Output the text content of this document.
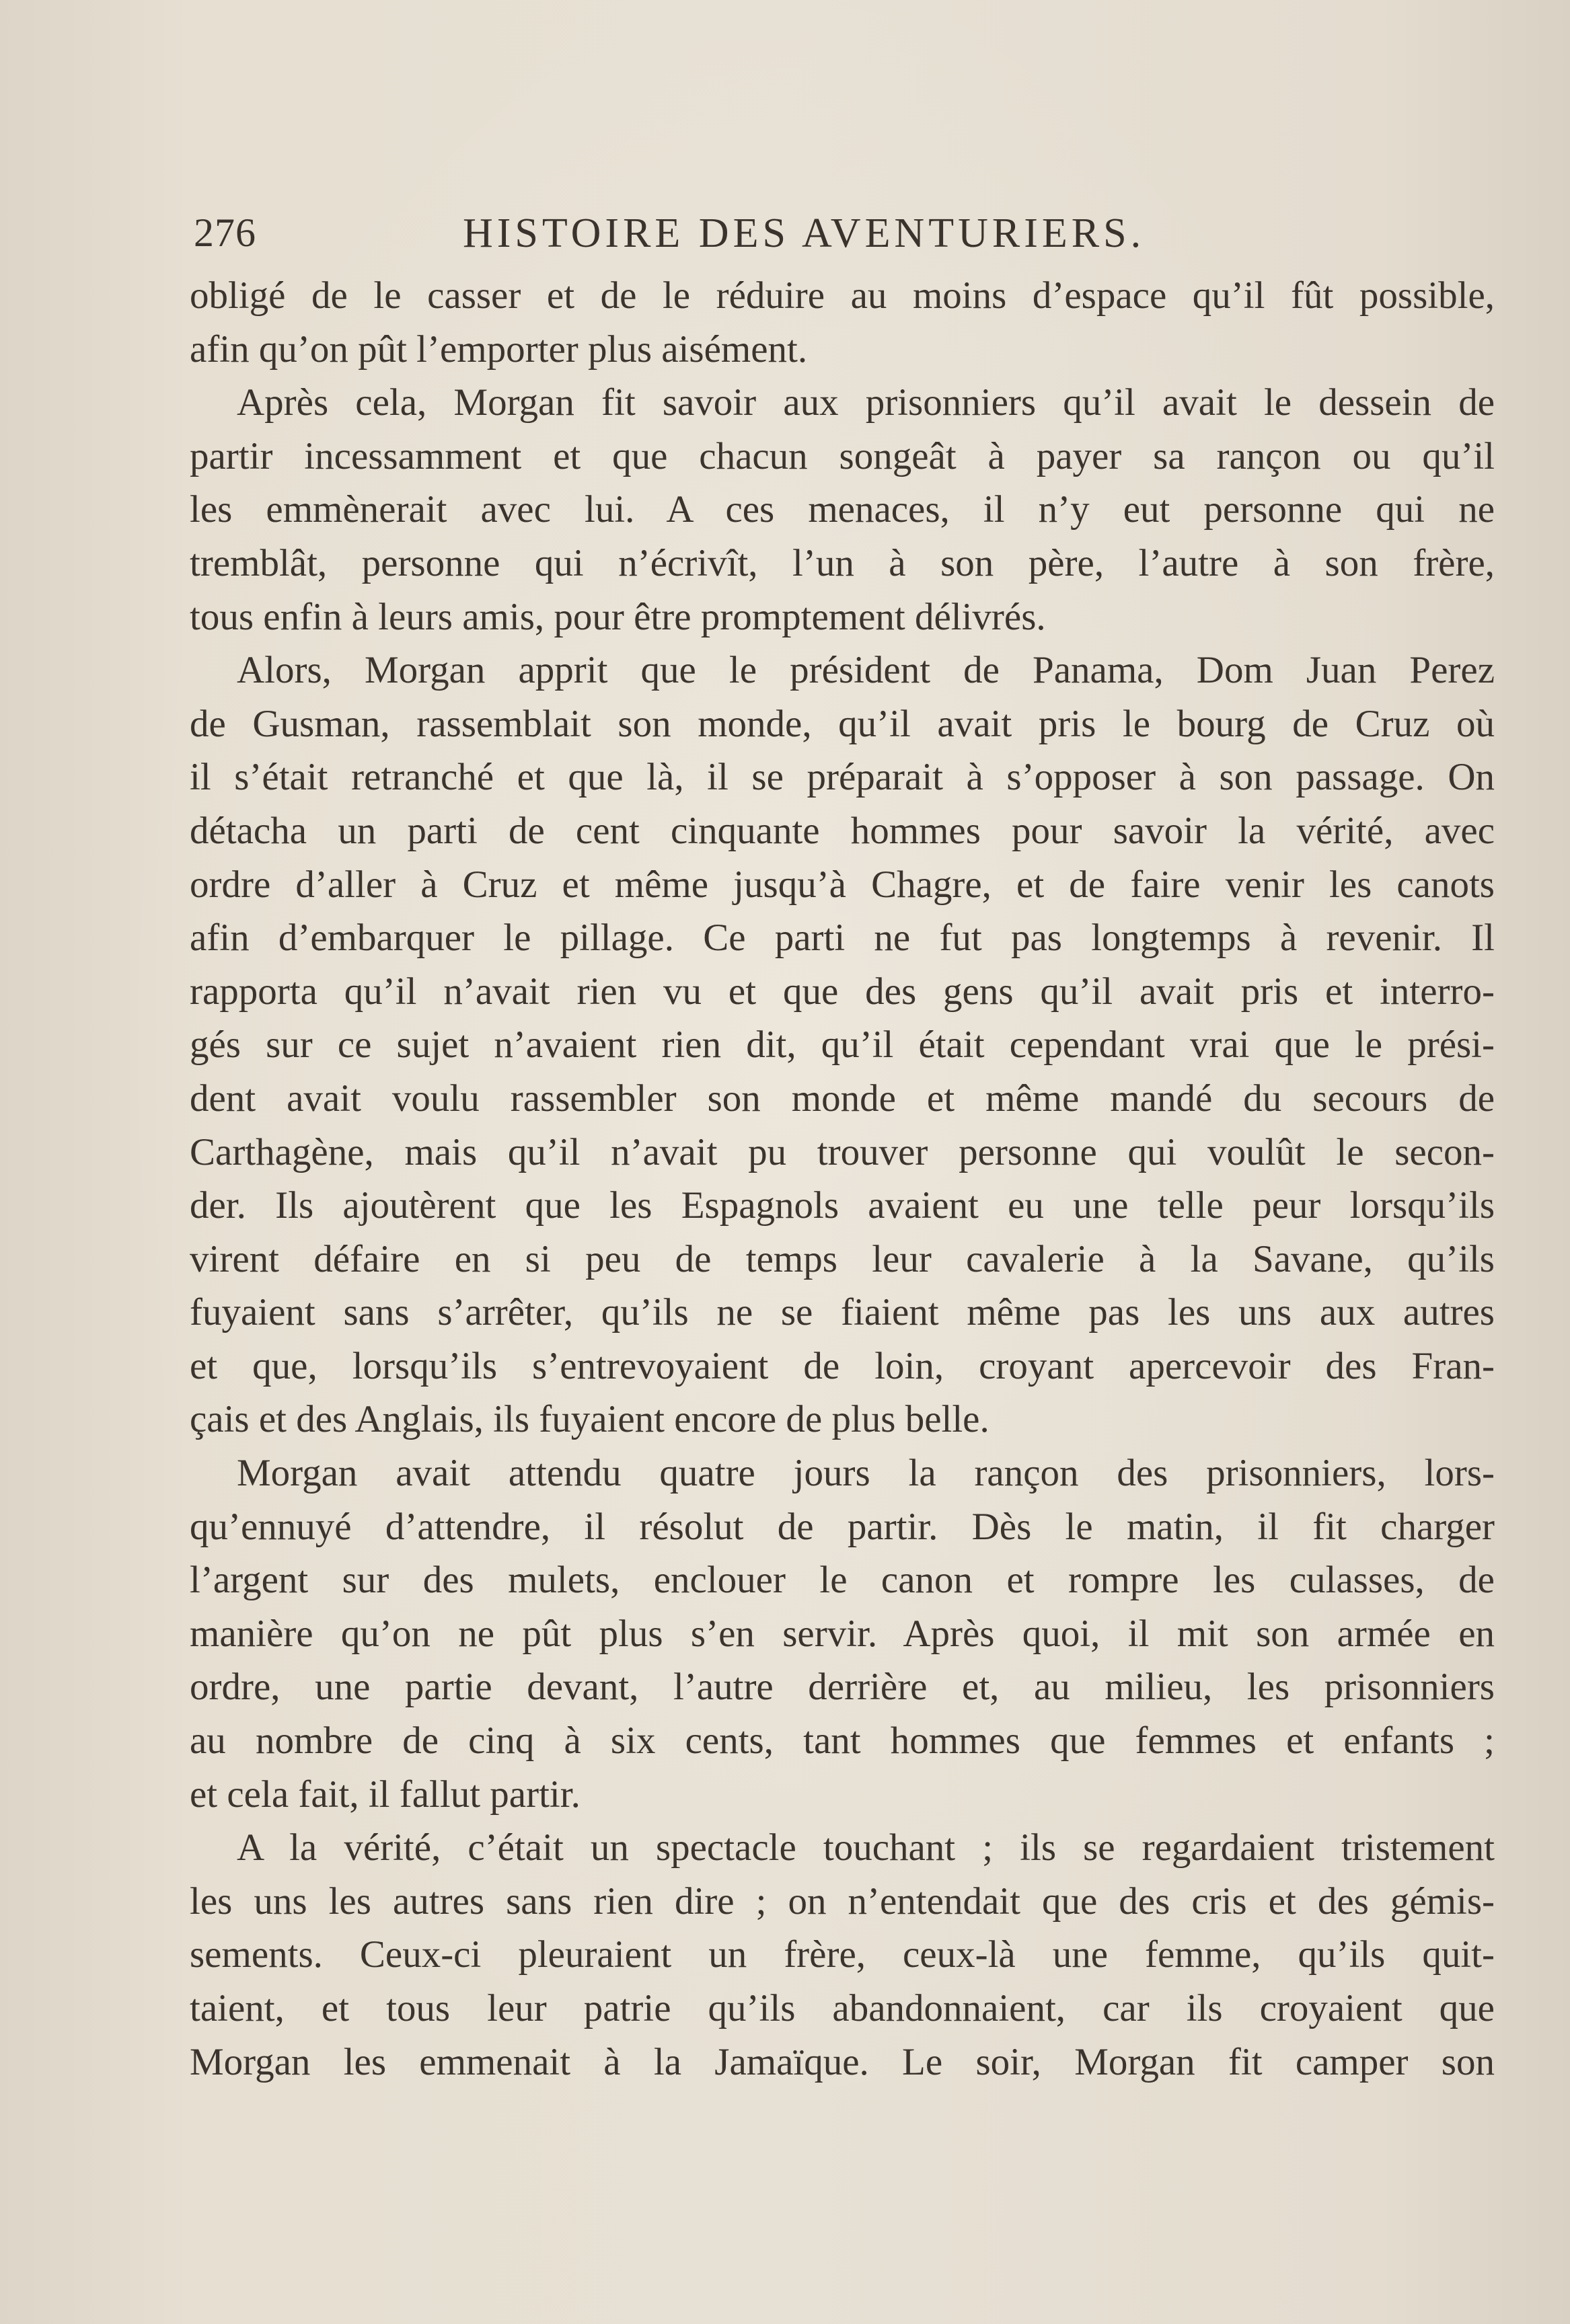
276	HISTOIRE DES AVENTURIERS.
obligé de le casser et de le réduire au moins d’espace qu’il fût possible,
afin qu’on pût l’emporter plus aisément.
Après cela, Morgan fit savoir aux prisonniers qu’il avait le dessein de
partir incessamment et que chacun songeât à payer sa rançon ou qu’il
les emmènerait avec lui. A ces menaces, il n’y eut personne qui ne
tremblât, personne qui n’écrivît, l’un à son père, l’autre à son frère,
tous enfin à leurs amis, pour être promptement délivrés.
Alors, Morgan apprit que le président de Panama, Dom Juan Perez
de Gusman, rassemblait son monde, qu’il avait pris le bourg de Cruz où
il s’était retranché et que là, il se préparait à s’opposer à son passage. On
détacha un parti de cent cinquante hommes pour savoir la vérité, avec
ordre d’aller à Cruz et même jusqu’à Chagre, et de faire venir les canots
afin d’embarquer le pillage. Ce parti ne fut pas longtemps à revenir. Il
rapporta qu’il n’avait rien vu et que des gens qu’il avait pris et interro-
gés sur ce sujet n’avaient rien dit, qu’il était cependant vrai que le prési-
dent avait voulu rassembler son monde et même mandé du secours de
Carthagène, mais qu’il n’avait pu trouver personne qui voulût le secon-
der. Ils ajoutèrent que les Espagnols avaient eu une telle peur lorsqu’ils
virent défaire en si peu de temps leur cavalerie à la Savane, qu’ils
fuyaient sans s’arrêter, qu’ils ne se fiaient même pas les uns aux autres
et que, lorsqu’ils s’entrevoyaient de loin, croyant apercevoir des Fran-
çais et des Anglais, ils fuyaient encore de plus belle.
Morgan avait attendu quatre jours la rançon des prisonniers, lors-
qu’ennuyé d’attendre, il résolut de partir. Dès le matin, il fit charger
l’argent sur des mulets, enclouer le canon et rompre les culasses, de
manière qu’on ne pût plus s’en servir. Après quoi, il mit son armée en
ordre, une partie devant, l’autre derrière et, au milieu, les prisonniers
au nombre de cinq à six cents, tant hommes que femmes et enfants ;
et cela fait, il fallut partir.
A la vérité, c’était un spectacle touchant ; ils se regardaient tristement
les uns les autres sans rien dire ; on n’entendait que des cris et des gémis-
sements. Ceux-ci pleuraient un frère, ceux-là une femme, qu’ils quit-
taient, et tous leur patrie qu’ils abandonnaient, car ils croyaient que
Morgan les emmenait à la Jamaïque. Le soir, Morgan fit camper son
